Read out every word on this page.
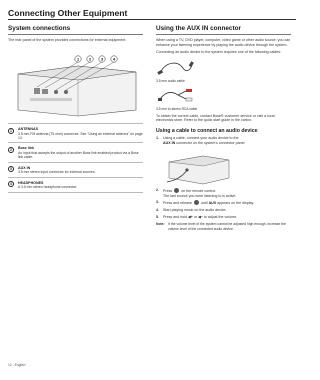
Connecting Other Equipment
System connections
The rear panel of the system provides connections for external equipment.
1	2	3	4
1	ANTENNAS
3.5 mm FM antenna (75 ohm) connector. See "Using an external antenna" on page 13.
2	Bose link
An input that accepts the output of another Bose link enabled product via a Bose link cable.
3	AUX IN
3.5 mm stereo input connector for external sources.
4	HEADPHONES
A 3.5 mm stereo headphone connector.
Using the AUX IN connector
When using a TV, DVD player, computer, video game or other audio source, you can enhance your listening experience by playing the audio device through the system.
Connecting an audio device to the system requires one of the following cables:
3.5 mm audio cable
3.5 mm to stereo RCA cable
To obtain the correct cable, contact Bose® customer service or visit a local electronics store. Refer to the quick start guide in the carton.
Using a cable to connect an audio device
1.	Using a cable, connect your audio device to the
AUX IN connector on the system's connector panel.
2.	Press	on the remote control.
The last source you were listening to is active.
3.	Press and release	until AUX appears on the display.
4.	Start playing music on the audio device.
5.	Press and hold ◀+ or ◀− to adjust the volume.
Note: If the volume level of the system cannot be adjusted high enough, increase the volume level of the connected audio device.
12 - English
